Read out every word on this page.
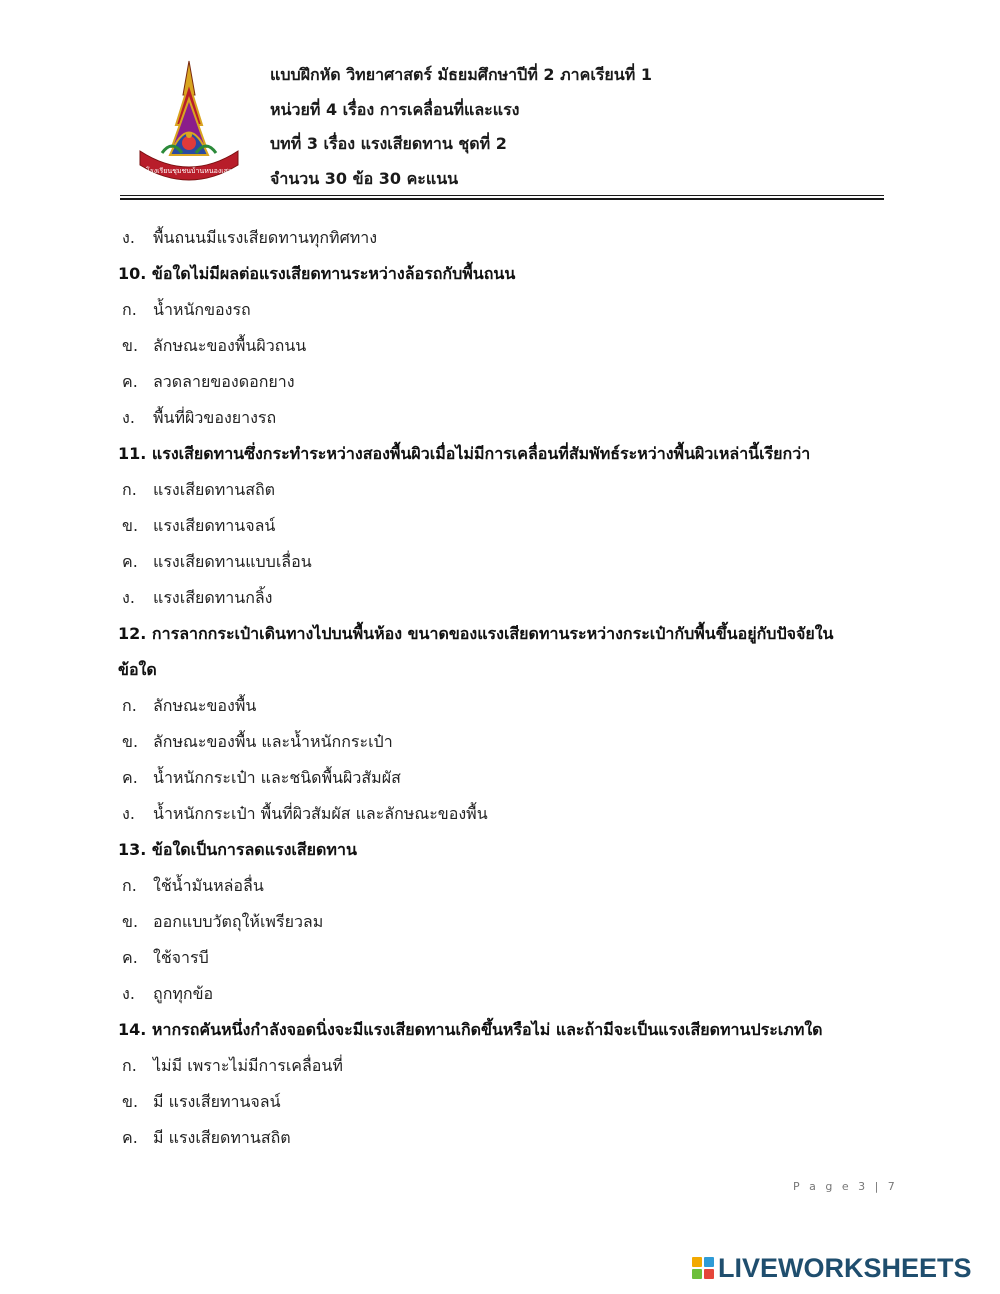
โรงเรียนชุมชนบ้านหนองเสา
แบบฝึกหัด วิทยาศาสตร์ มัธยมศึกษาปีที่ 2 ภาคเรียนที่ 1
หน่วยที่ 4 เรื่อง การเคลื่อนที่และแรง
บทที่ 3 เรื่อง แรงเสียดทาน ชุดที่ 2
จำนวน 30 ข้อ 30 คะแนน
ง. พื้นถนนมีแรงเสียดทานทุกทิศทาง
10. ข้อใดไม่มีผลต่อแรงเสียดทานระหว่างล้อรถกับพื้นถนน
ก. น้ำหนักของรถ
ข. ลักษณะของพื้นผิวถนน
ค. ลวดลายของดอกยาง
ง. พื้นที่ผิวของยางรถ
11. แรงเสียดทานซึ่งกระทำระหว่างสองพื้นผิวเมื่อไม่มีการเคลื่อนที่สัมพัทธ์ระหว่างพื้นผิวเหล่านี้เรียกว่า
ก. แรงเสียดทานสถิต
ข. แรงเสียดทานจลน์
ค. แรงเสียดทานแบบเลื่อน
ง. แรงเสียดทานกลิ้ง
12. การลากกระเป๋าเดินทางไปบนพื้นห้อง ขนาดของแรงเสียดทานระหว่างกระเป๋ากับพื้นขึ้นอยู่กับปัจจัยใน
ข้อใด
ก. ลักษณะของพื้น
ข. ลักษณะของพื้น และน้ำหนักกระเป๋า
ค. น้ำหนักกระเป๋า และชนิดพื้นผิวสัมผัส
ง. น้ำหนักกระเป๋า พื้นที่ผิวสัมผัส และลักษณะของพื้น
13. ข้อใดเป็นการลดแรงเสียดทาน
ก. ใช้น้ำมันหล่อลื่น
ข. ออกแบบวัตถุให้เพรียวลม
ค. ใช้จารบี
ง. ถูกทุกข้อ
14. หากรถคันหนึ่งกำลังจอดนิ่งจะมีแรงเสียดทานเกิดขึ้นหรือไม่ และถ้ามีจะเป็นแรงเสียดทานประเภทใด
ก. ไม่มี เพราะไม่มีการเคลื่อนที่
ข. มี แรงเสียทานจลน์
ค. มี แรงเสียดทานสถิต
P a g e 3 | 7
LIVEWORKSHEETS
